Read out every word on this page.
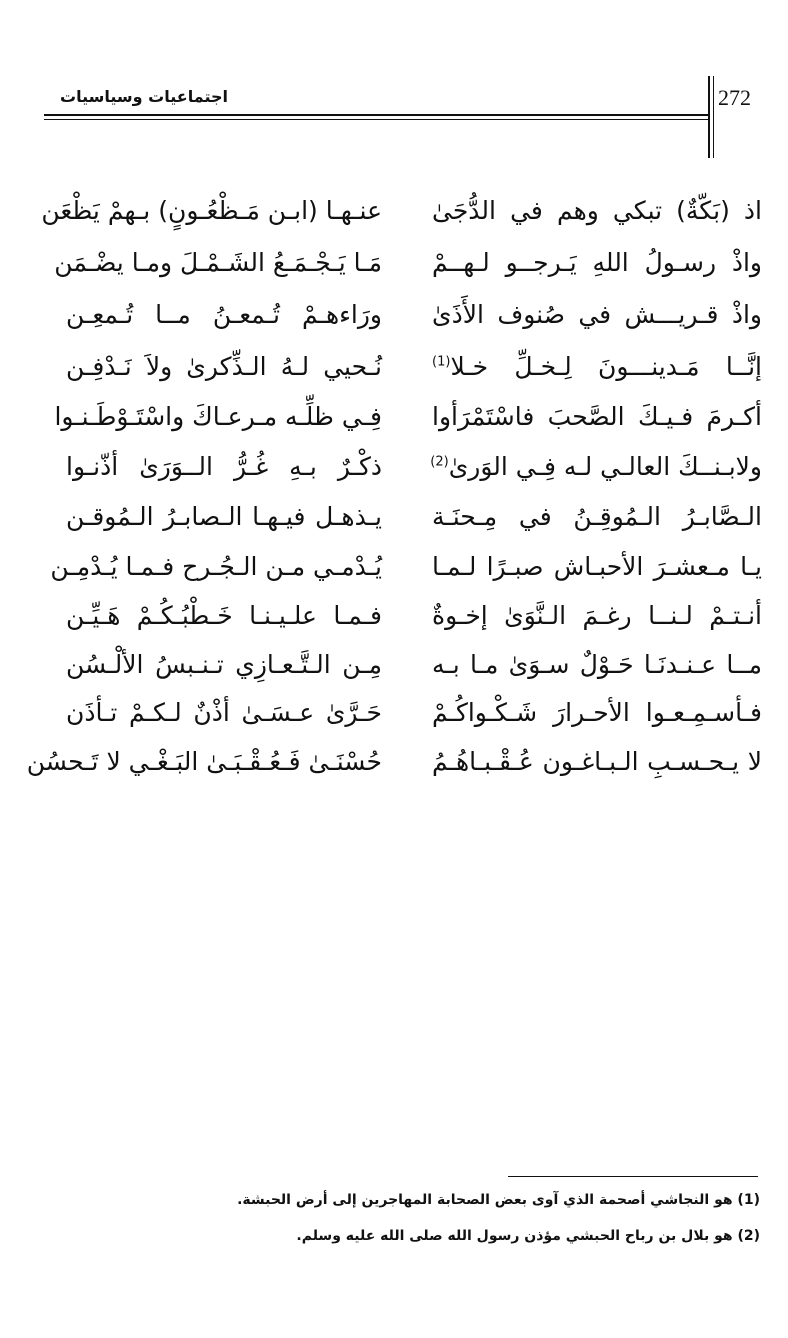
272
اجتماعيات وسياسيات
اذ (بَكّةٌ) تبكي وهم في الدُّجَىٰ
عنـهـا (ابـن مَـظْعُـونٍ) بـهمْ يَظْعَن
واذْ رسـولُ اللهِ يَـرجــو لـهــمْ
مَـا يَـجْـمَـعُ الشَـمْـلَ ومـا يضْـمَن
واذْ قـريـــش في صُنوف الأَذَىٰ
ورَاءهـمْ تُـمعـنُ مــا تُـمعِـن
إنَّــا مَـدينـــونَ لِـخـلِّ خـلا$^{(1)}$
نُـحيي لـهُ الـذِّكرىٰ ولاَ نَـدْفِـن
أكـرمَ فـيـكَ الصَّحبَ فاسْتَمْرَأوا
فِـي ظلِّـه مـرعـاكَ واسْتَـوْطَـنـوا
ولابـنــكَ العالـي لـه فِـي الوَرىٰ$^{(2)}$
ذكْـرٌ بـهِ غُـرُّ الــوَرَىٰ أذّنـوا
الـصَّابـرُ الـمُوقِـنُ في مِـحنَـة
يـذهـل فيـهـا الـصابـرُ الـمُوقـن
يـا مـعشـرَ الأحبـاش صبـرًا لـمـا
يُـدْمـي مـن الـجُـرح فـمـا يُـدْمِـن
أنـتـمْ لـنــا رغـمَ الـنَّوَىٰ إخـوةٌ
فـمـا علـيـنـا خَـطْبُـكُـمْ هَـيِّـن
مــا عـنـدنَـا حَـوْلٌ سـوَىٰ مـا بـه
مِـن الـتَّـعـازِي تـنـبسُ الألْـسُن
فـأسـمِـعـوا الأحـرارَ شَـكْـواكُـمْ
حَـرَّىٰ عـسَـىٰ أذْنٌ لـكـمْ تـأذَن
لا يـحـسـبِ الـبـاغـون عُـقْـبـاهُـمُ
حُسْنَـىٰ فَـعُـقْـبَـىٰ البَـغْـي لا تَـحسُن
(1) هو النجاشي أصحمة الذي آوى بعض الصحابة المهاجرين إلى أرض الحبشة.
(2) هو بلال بن رباح الحبشي مؤذن رسول الله صلى الله عليه وسلم.
